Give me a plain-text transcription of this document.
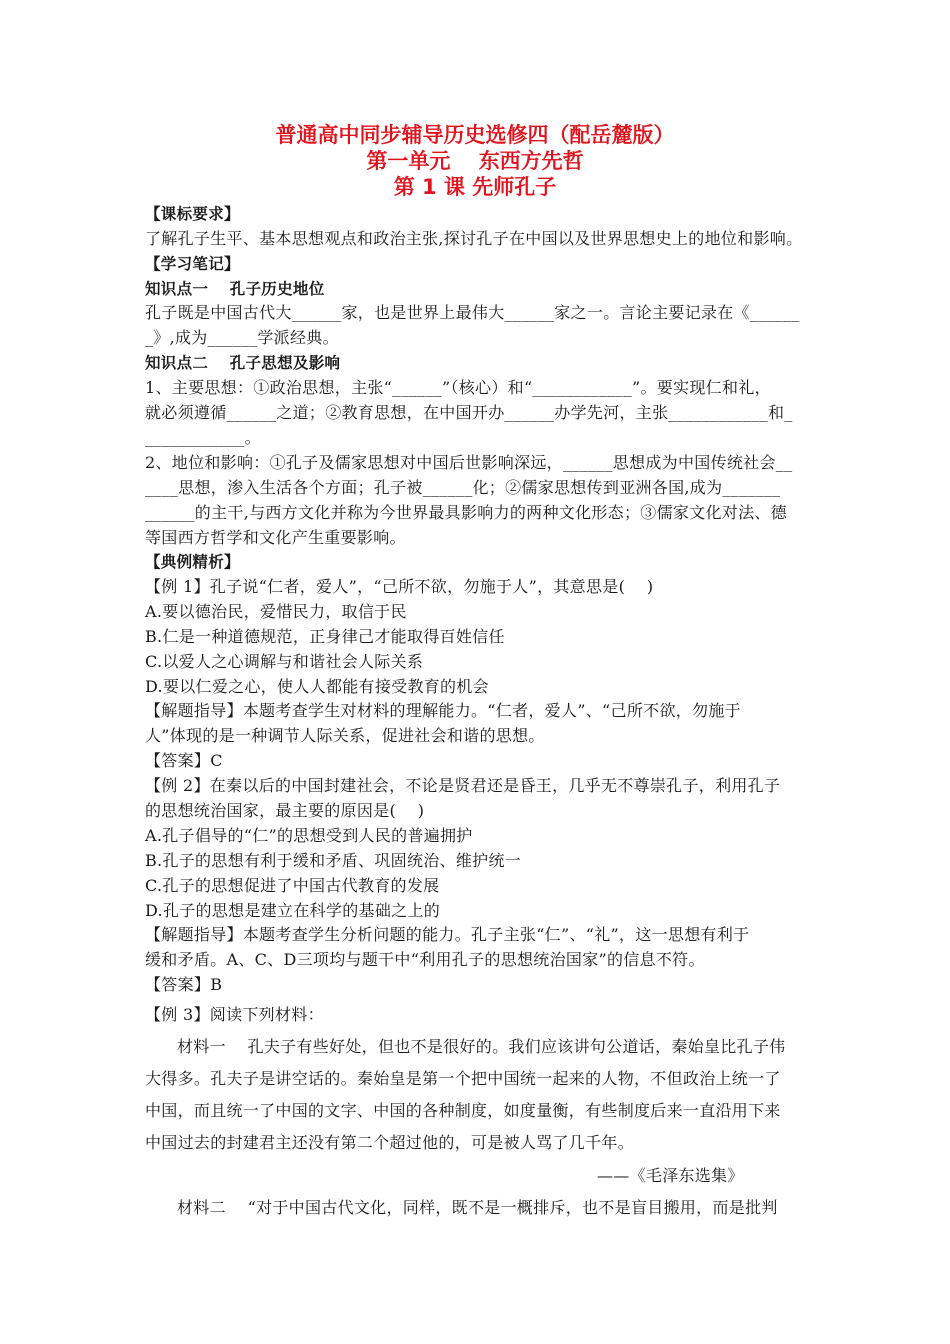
普通高中同步辅导历史选修四（配岳麓版）
第一单元　 东西方先哲
第 1 课 先师孔子
【课标要求】
了解孔子生平、基本思想观点和政治主张,探讨孔子在中国以及世界思想史上的地位和影响。
【学习笔记】
知识点一　 孔子历史地位
孔子既是中国古代大______家，也是世界上最伟大______家之一。言论主要记录在《______
_》,成为______学派经典。
知识点二　 孔子思想及影响
1、主要思想：①政治思想，主张“______”（核心）和“____________”。要实现仁和礼，
就必须遵循______之道；②教育思想，在中国开办______办学先河，主张____________和_
____________。
2、地位和影响：①孔子及儒家思想对中国后世影响深远，______思想成为中国传统社会__
____思想，渗入生活各个方面；孔子被______化；②儒家思想传到亚洲各国,成为_______
______的主干,与西方文化并称为今世界最具影响力的两种文化形态；③儒家文化对法、德
等国西方哲学和文化产生重要影响。
【典例精析】
【例 1】孔子说“仁者，爱人”，“己所不欲，勿施于人”，其意思是(　 )
A.要以德治民，爱惜民力，取信于民
B.仁是一种道德规范，正身律己才能取得百姓信任
C.以爱人之心调解与和谐社会人际关系
D.要以仁爱之心，使人人都能有接受教育的机会
【解题指导】本题考查学生对材料的理解能力。“仁者，爱人”、“己所不欲，勿施于
人”体现的是一种调节人际关系，促进社会和谐的思想。
【答案】C
【例 2】在秦以后的中国封建社会，不论是贤君还是昏王，几乎无不尊崇孔子，利用孔子
的思想统治国家，最主要的原因是(　 )
A.孔子倡导的“仁”的思想受到人民的普遍拥护
B.孔子的思想有利于缓和矛盾、巩固统治、维护统一
C.孔子的思想促进了中国古代教育的发展
D.孔子的思想是建立在科学的基础之上的
【解题指导】本题考查学生分析问题的能力。孔子主张“仁”、“礼”，这一思想有利于
缓和矛盾。A、C、D三项均与题干中“利用孔子的思想统治国家”的信息不符。
【答案】B
【例 3】阅读下列材料：
材料一　 孔夫子有些好处，但也不是很好的。我们应该讲句公道话，秦始皇比孔子伟
大得多。孔夫子是讲空话的。秦始皇是第一个把中国统一起来的人物，不但政治上统一了
中国，而且统一了中国的文字、中国的各种制度，如度量衡，有些制度后来一直沿用下来
中国过去的封建君主还没有第二个超过他的，可是被人骂了几千年。
——《毛泽东选集》
材料二　 “对于中国古代文化，同样，既不是一概排斥，也不是盲目搬用，而是批判
